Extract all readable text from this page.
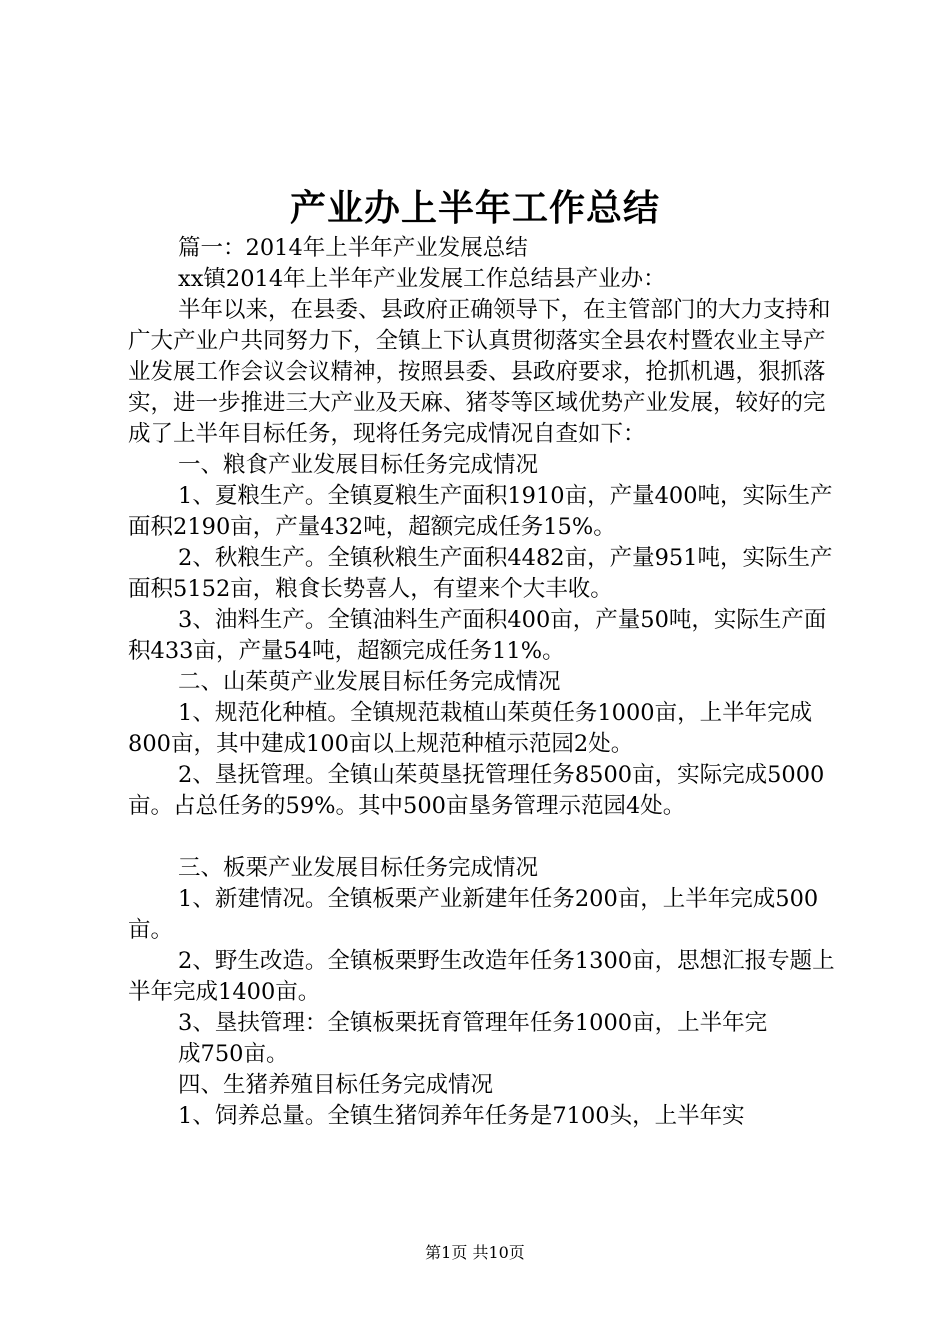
产业办上半年工作总结

篇一：2014年上半年产业发展总结

xx镇2014年上半年产业发展工作总结县产业办：

半年以来，在县委、县政府正确领导下，在主管部门的大力支持和广大产业户共同努力下，全镇上下认真贯彻落实全县农村暨农业主导产业发展工作会议会议精神，按照县委、县政府要求，抢抓机遇，狠抓落实，进一步推进三大产业及天麻、猪苓等区域优势产业发展，较好的完成了上半年目标任务，现将任务完成情况自查如下：

一、粮食产业发展目标任务完成情况

1、夏粮生产。全镇夏粮生产面积1910亩，产量400吨，实际生产面积2190亩，产量432吨，超额完成任务15%。

2、秋粮生产。全镇秋粮生产面积4482亩，产量951吨，实际生产面积5152亩，粮食长势喜人，有望来个大丰收。

3、油料生产。全镇油料生产面积400亩，产量50吨，实际生产面积433亩，产量54吨，超额完成任务11%。

二、山茱萸产业发展目标任务完成情况

1、规范化种植。全镇规范栽植山茱萸任务1000亩，上半年完成800亩，其中建成100亩以上规范种植示范园2处。

2、垦抚管理。全镇山茱萸垦抚管理任务8500亩，实际完成5000亩。占总任务的59%。其中500亩垦务管理示范园4处。

三、板栗产业发展目标任务完成情况

1、新建情况。全镇板栗产业新建年任务200亩，上半年完成500亩。

2、野生改造。全镇板栗野生改造年任务1300亩，思想汇报专题上半年完成1400亩。

3、垦扶管理：全镇板栗抚育管理年任务1000亩，上半年完

成750亩。

四、生猪养殖目标任务完成情况

1、饲养总量。全镇生猪饲养年任务是7100头，上半年实

第1页 共10页
